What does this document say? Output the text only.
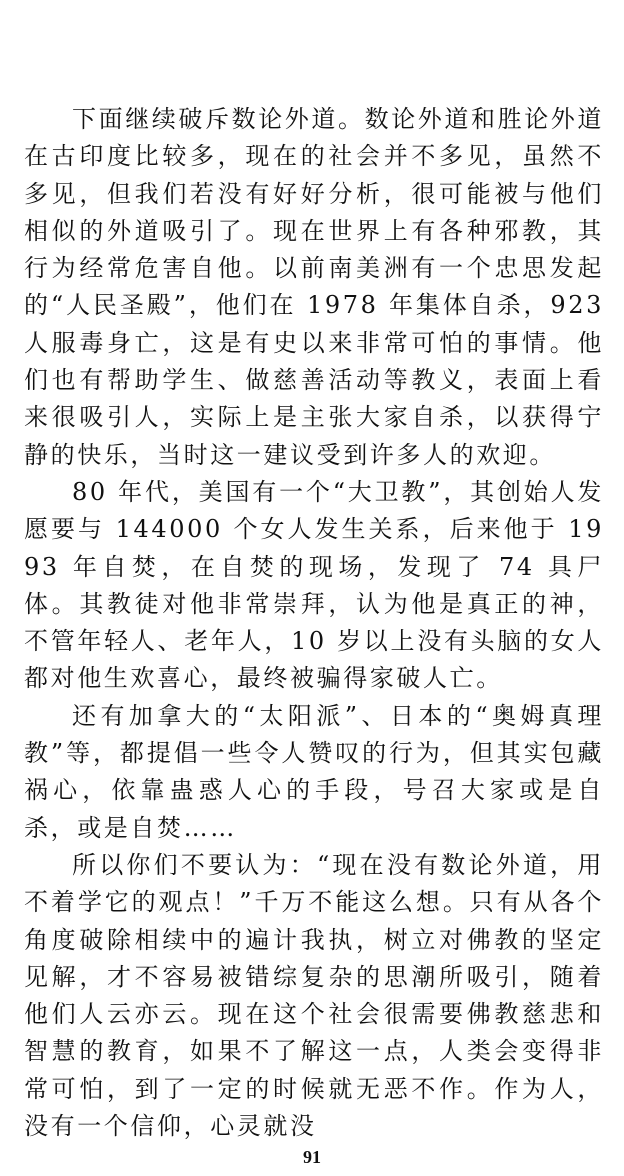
下面继续破斥数论外道。数论外道和胜论外道在古印度比较多，现在的社会并不多见，虽然不多见，但我们若没有好好分析，很可能被与他们相似的外道吸引了。现在世界上有各种邪教，其行为经常危害自他。以前南美洲有一个忠思发起的“人民圣殿”，他们在 1978 年集体自杀，923 人服毒身亡，这是有史以来非常可怕的事情。他们也有帮助学生、做慈善活动等教义，表面上看来很吸引人，实际上是主张大家自杀，以获得宁静的快乐，当时这一建议受到许多人的欢迎。

80 年代，美国有一个“大卫教”，其创始人发愿要与 144000 个女人发生关系，后来他于 1993 年自焚，在自焚的现场，发现了 74 具尸体。其教徒对他非常崇拜，认为他是真正的神，不管年轻人、老年人，10 岁以上没有头脑的女人都对他生欢喜心，最终被骗得家破人亡。

还有加拿大的“太阳派”、日本的“奥姆真理教”等，都提倡一些令人赞叹的行为，但其实包藏祸心，依靠蛊惑人心的手段，号召大家或是自杀，或是自焚……

所以你们不要认为：“现在没有数论外道，用不着学它的观点！”千万不能这么想。只有从各个角度破除相续中的遍计我执，树立对佛教的坚定见解，才不容易被错综复杂的思潮所吸引，随着他们人云亦云。现在这个社会很需要佛教慈悲和智慧的教育，如果不了解这一点，人类会变得非常可怕，到了一定的时候就无恶不作。作为人，没有一个信仰，心灵就没

91
